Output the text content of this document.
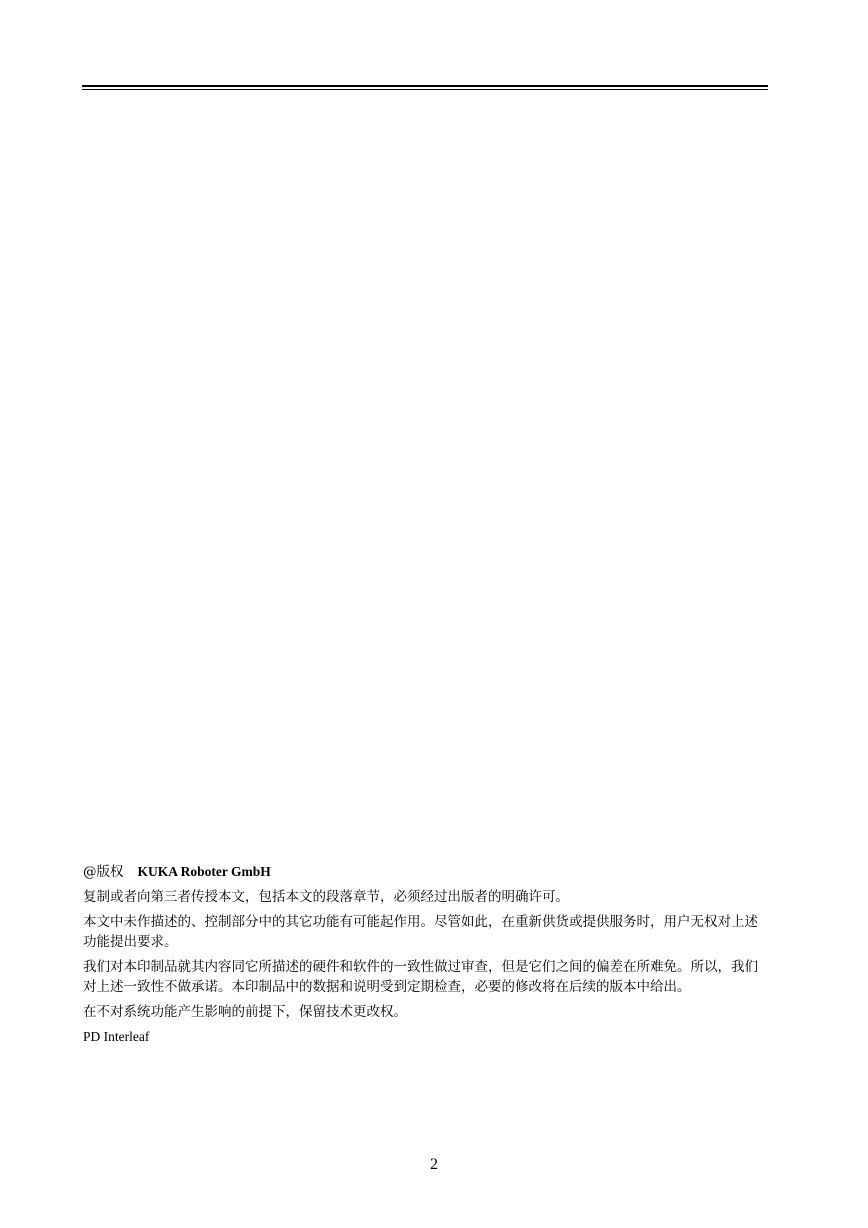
@版权 KUKA Roboter GmbH

复制或者向第三者传授本文，包括本文的段落章节，必须经过出版者的明确许可。

本文中未作描述的、控制部分中的其它功能有可能起作用。尽管如此，在重新供货或提供服务时，用户无权对上述功能提出要求。

我们对本印制品就其内容同它所描述的硬件和软件的一致性做过审查，但是它们之间的偏差在所难免。所以，我们对上述一致性不做承诺。本印制品中的数据和说明受到定期检查，必要的修改将在后续的版本中给出。

在不对系统功能产生影响的前提下，保留技术更改权。

PD Interleaf

2
